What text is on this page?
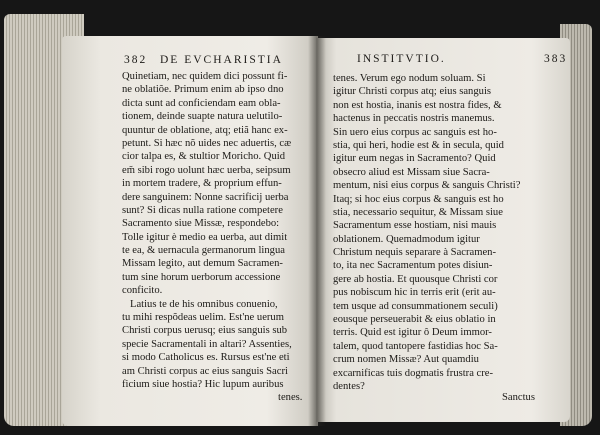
382 DE EVCHARISTIA	INSTITVTIO.	383
Quinetiam, nec quidem dici possunt fi-
ne oblatiõe. Primum enim ab ipso dno
dicta sunt ad conficiendam eam obla-
tionem, deinde suapte natura uelutilo-
quuntur de oblatione, atq; etiã hanc ex-
petunt. Si hæc nõ uides nec aduertis, cæ
cior talpa es, & stultior Moricho. Quid
em̃ sibi rogo uolunt hæc uerba, seipsum
in mortem tradere, & proprium effun-
dere sanguinem: Nonne sacrificij uerba
sunt? Si dicas nulla ratione competere
Sacramento siue Missæ, respondebo:
Tolle igitur è medio ea uerba, aut dimit
te ea, & uernacula germanorum lingua
Missam legito, aut demum Sacramen-
tum sine horum uerborum accessione
conficito.
Latius te de his omnibus conuenio,
tu mihi respõdeas uelim. Est'ne uerum
Christi corpus uerusq; eius sanguis sub
specie Sacramentali in altari? Assenties,
si modo Catholicus es. Rursus est'ne eti
am Christi corpus ac eius sanguis Sacri
ficium siue hostia? Hic lupum auribus
tenes.
tenes. Verum ego nodum soluam. Si
igitur Christi corpus atq; eius sanguis
non est hostia, inanis est nostra fides, &
hactenus in peccatis nostris manemus.
Sin uero eius corpus ac sanguis est ho-
stia, qui heri, hodie est & in secula, quid
igitur eum negas in Sacramento? Quid
obsecro aliud est Missam siue Sacra-
mentum, nisi eius corpus & sanguis Christi?
Itaq; si hoc eius corpus & sanguis est ho
stia, necessario sequitur, & Missam siue
Sacramentum esse hostiam, nisi mauis
oblationem. Quemadmodum igitur
Christum nequis separare à Sacramen-
to, ita nec Sacramentum potes disiun-
gere ab hostia. Et quousque Christi cor
pus nobiscum hic in terris erit (erit au-
tem usque ad consummationem seculi)
eousque perseuerabit & eius oblatio in
terris. Quid est igitur ô Deum immor-
talem, quod tantopere fastidias hoc Sa-
crum nomen Missæ? Aut quamdiu
excarnificas tuis dogmatis frustra cre-
dentes?
Sanctus
